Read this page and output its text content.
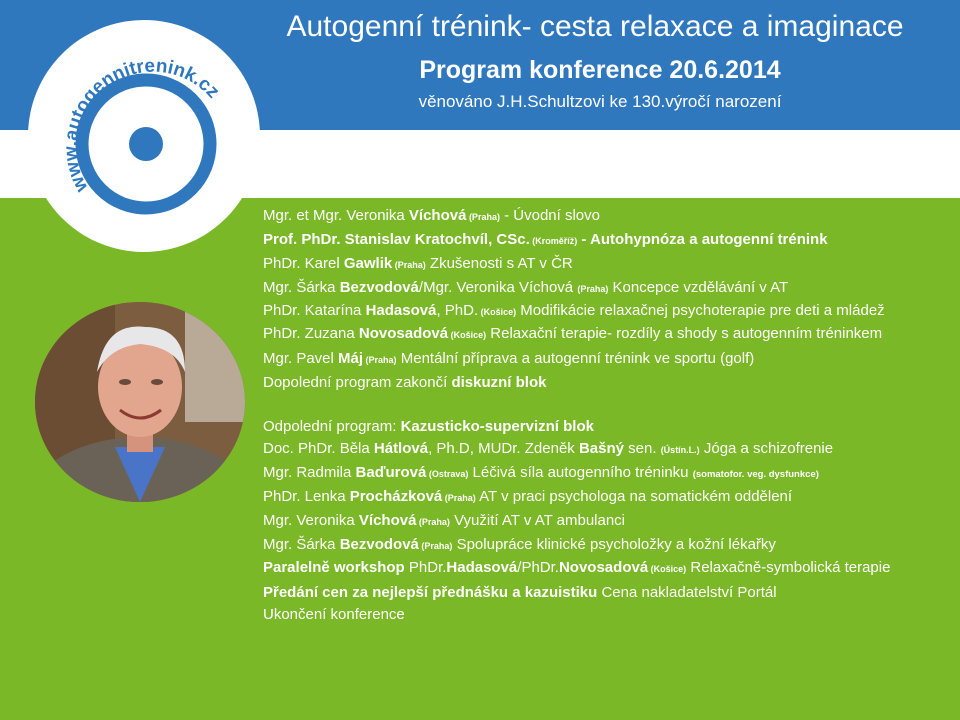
Autogenní trénink- cesta relaxace a imaginace
Program konference 20.6.2014
věnováno J.H.Schultzovi ke 130.výročí narození
www.autogennitrenink.cz
Mgr. et Mgr. Veronika Víchová (Praha) - Úvodní slovo
Prof. PhDr. Stanislav Kratochvíl, CSc. (Kroměříž) - Autohypnóza a autogenní trénink
PhDr. Karel Gawlik (Praha) Zkušenosti s AT v ČR
Mgr. Šárka Bezvodová/Mgr. Veronika Víchová (Praha) Koncepce vzdělávání v AT
PhDr. Katarína Hadasová, PhD. (Košice) Modifikácie relaxačnej psychoterapie pre deti a mládež
PhDr. Zuzana Novosadová (Košice) Relaxační terapie- rozdíly a shody s autogenním tréninkem
Mgr. Pavel Máj (Praha) Mentální příprava a autogenní trénink ve sportu (golf)
Dopolední program zakončí diskuzní blok
Odpolední program: Kazusticko-supervizní blok
Doc. PhDr. Běla Hátlová, Ph.D, MUDr. Zdeněk Bašný sen. (Ústín.L.) Jóga a schizofrenie
Mgr. Radmila Baďurová (Ostrava) Léčivá síla autogenního tréninku (somatofor. veg. dysfunkce)
PhDr. Lenka Procházková (Praha) AT v praci psychologa na somatickém oddělení
Mgr. Veronika Víchová (Praha) Využití AT v AT ambulanci
Mgr. Šárka Bezvodová (Praha) Spolupráce klinické psycholožky a kožní lékařky
Paralelně workshop PhDr.Hadasová/PhDr.Novosadová (Košice) Relaxačně-symbolická terapie
Předání cen za nejlepší přednášku a kazuistiku Cena nakladatelství Portál
Ukončení konference
